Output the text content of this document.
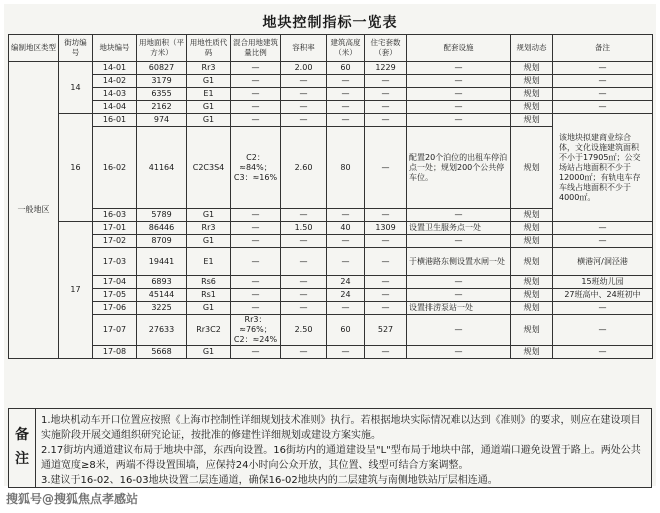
地块控制指标一览表
编制地区类型	街坊编号	地块编号	用地面积（平方米）	用地性质代码	混合用地建筑量比例	容积率	建筑高度（米）	住宅套数（套）	配套设施	规划动态	备注
一般地区	14	14-01	60827	Rr3	—	2.00	60	1229	—	规划	—
		14-02	3179	G1	—	—	—	—	—	规划	—
		14-03	6355	E1	—	—	—	—	—	规划	—
		14-04	2162	G1	—	—	—	—	—	规划	—
	16	16-01	974	G1	—	—	—	—	—	规划	该地块拟建商业综合体，文化设施建筑面积不小于17905㎡；公交场站占地面积不少于12000㎡；有轨电车存车线占地面积不少于4000㎡。
		16-02	41164	C2C3S4	C2：≈84%；C3：≈16%	2.60	80	—	配置20个泊位的出租车停泊点一处；规划200个公共停车位。	规划	
		16-03	5789	G1	—	—	—	—	—	规划	
	17	17-01	86446	Rr3	—	1.50	40	1309	设置卫生服务点一处	规划	—
		17-02	8709	G1	—	—	—	—	—	规划	—
		17-03	19441	E1	—	—	—	—	于横港路东侧设置水闸一处	规划	横港河/洞泾港
		17-04	6893	Rs6	—	—	24	—	—	规划	15班幼儿园
		17-05	45144	Rs1	—	—	24	—	—	规划	27班高中、24班初中
		17-06	3225	G1	—	—	—	—	设置排涝泵站一处	规划	—
		17-07	27633	Rr3C2	Rr3：≈76%；C2：≈24%	2.50	60	527	—	规划	—
		17-08	5668	G1	—	—	—	—	—	规划	—
备
注
1.地块机动车开口位置应按照《上海市控制性详细规划技术准则》执行。若根据地块实际情况难以达到《准则》的要求，则应在建设项目实施阶段开展交通组织研究论证，按批准的修建性详细规划或建设方案实施。
2.17街坊内通道建议布局于地块中部，东西向设置。16街坊内的通道建设呈"L"型布局于地块中部，通道端口避免设置于路上。两处公共通道宽度≥8米，两端不得设置围墙，应保持24小时向公众开放，其位置、线型可结合方案调整。
3.建议于16-02、16-03地块设置二层连通道，确保16-02地块内的二层建筑与南侧地铁站厅层相连通。
搜狐号@搜狐焦点孝感站
